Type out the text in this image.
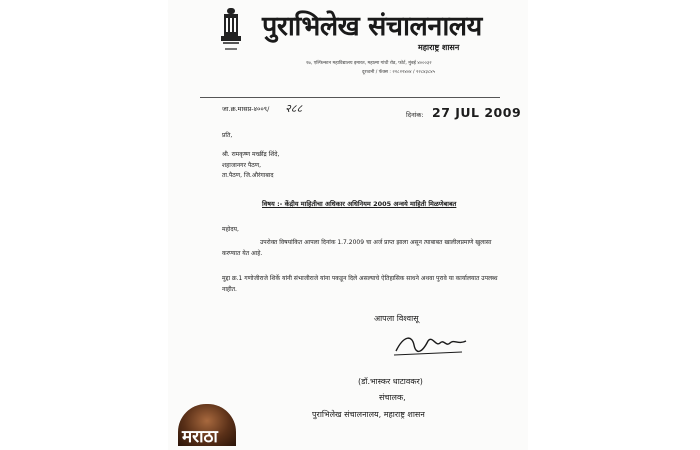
पुराभिलेख संचालनालय
महाराष्ट्र शासन
१७, एल्फिन्स्टन महाविद्यालय इमारत, महात्मा गांधी रोड, फोर्ट, मुंबई ४०००३२
दूरध्वनी / फॅक्स : २२८२२४०४ / २२८४३८४५
जा.क्र.मासप्र-४००९/ २८८	दिनांक: 27 JUL 2009
प्रति,
श्री. रामकृष्ण मच्छींद्र शिंदे,
शहाजानगर पैठण,
ता.पैठण, जि.औरंगाबाद
विषय :- केंद्रीय माहितीचा अधिकार अधिनियम 2005 अन्वये माहिती मिळणेबाबत
महोदय,
उपरोक्त विषयांकित आपला दिनांक 1.7.2009 चा अर्ज प्राप्त झाला असून त्याबाबत खालीलप्रमाणे खुलासा करण्यात येत आहे.
मुद्दा क्र.1 गणोजीराजे शिर्के यांनी संभाजीराजे यांना पकडून दिले असल्याचे ऐतिहासिक साधने अथवा पुरावे या कार्यालयात उपलब्ध नाहीत.
आपला विश्वासू
(डॉ.भास्कर धाटावकर)
संचालक,
पुराभिलेख संचालनालय, महाराष्ट्र शासन
मराठा
